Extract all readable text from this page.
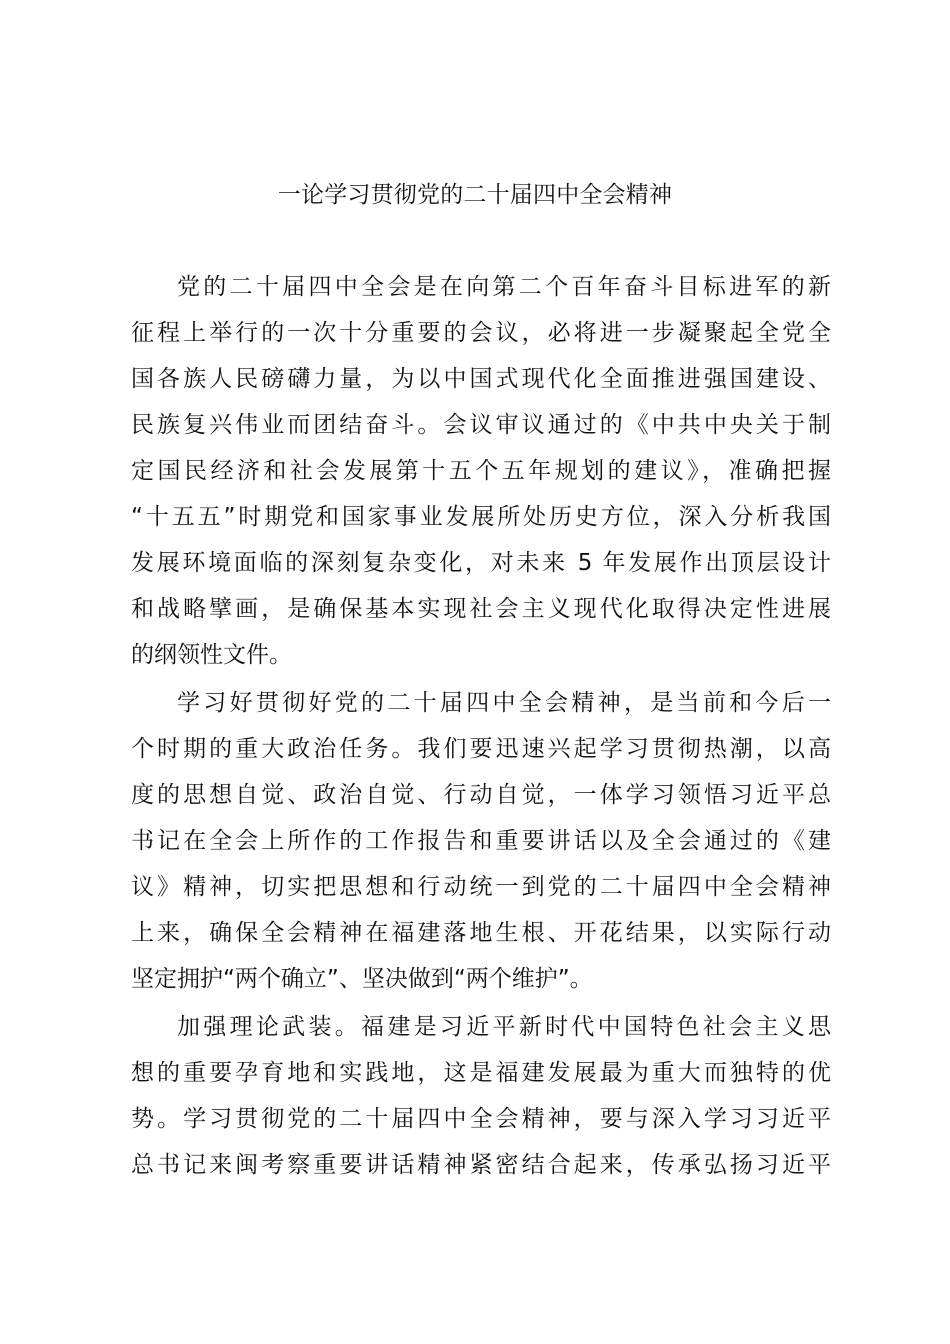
一论学习贯彻党的二十届四中全会精神

党的二十届四中全会是在向第二个百年奋斗目标进军的新
征程上举行的一次十分重要的会议，必将进一步凝聚起全党全
国各族人民磅礴力量，为以中国式现代化全面推进强国建设、
民族复兴伟业而团结奋斗。会议审议通过的《中共中央关于制
定国民经济和社会发展第十五个五年规划的建议》，准确把握
“十五五”时期党和国家事业发展所处历史方位，深入分析我国
发展环境面临的深刻复杂变化，对未来 5 年发展作出顶层设计
和战略擘画，是确保基本实现社会主义现代化取得决定性进展
的纲领性文件。

学习好贯彻好党的二十届四中全会精神，是当前和今后一
个时期的重大政治任务。我们要迅速兴起学习贯彻热潮，以高
度的思想自觉、政治自觉、行动自觉，一体学习领悟习近平总
书记在全会上所作的工作报告和重要讲话以及全会通过的《建
议》精神，切实把思想和行动统一到党的二十届四中全会精神
上来，确保全会精神在福建落地生根、开花结果，以实际行动
坚定拥护“两个确立”、坚决做到“两个维护”。

加强理论武装。福建是习近平新时代中国特色社会主义思
想的重要孕育地和实践地，这是福建发展最为重大而独特的优
势。学习贯彻党的二十届四中全会精神，要与深入学习习近平
总书记来闽考察重要讲话精神紧密结合起来，传承弘扬习近平
